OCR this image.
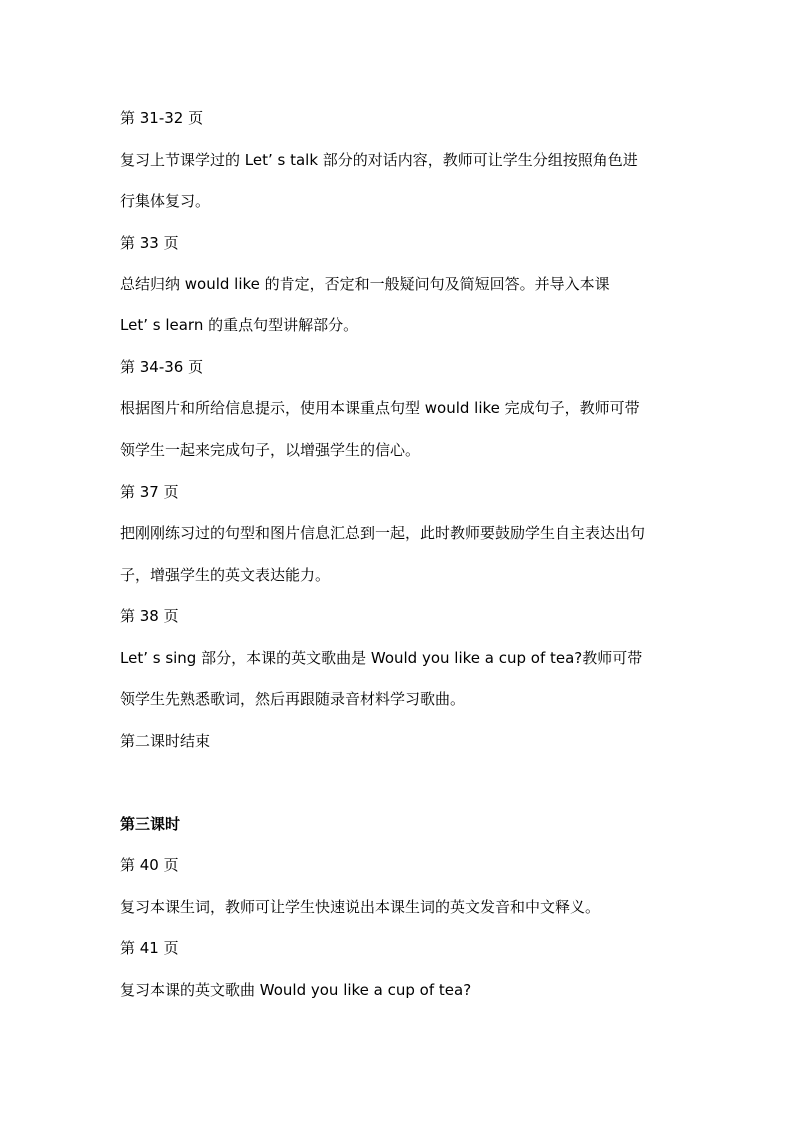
第 31-32 页
复习上节课学过的 Let’ s talk 部分的对话内容，教师可让学生分组按照角色进
行集体复习。
第 33 页
总结归纳 would like 的肯定，否定和一般疑问句及简短回答。并导入本课
Let’ s learn 的重点句型讲解部分。
第 34-36 页
根据图片和所给信息提示，使用本课重点句型 would like 完成句子，教师可带
领学生一起来完成句子，以增强学生的信心。
第 37 页
把刚刚练习过的句型和图片信息汇总到一起，此时教师要鼓励学生自主表达出句
子，增强学生的英文表达能力。
第 38 页
Let’ s sing 部分，本课的英文歌曲是 Would you like a cup of tea?教师可带
领学生先熟悉歌词，然后再跟随录音材料学习歌曲。
第二课时结束
第三课时
第 40 页
复习本课生词，教师可让学生快速说出本课生词的英文发音和中文释义。
第 41 页
复习本课的英文歌曲 Would you like a cup of tea?
